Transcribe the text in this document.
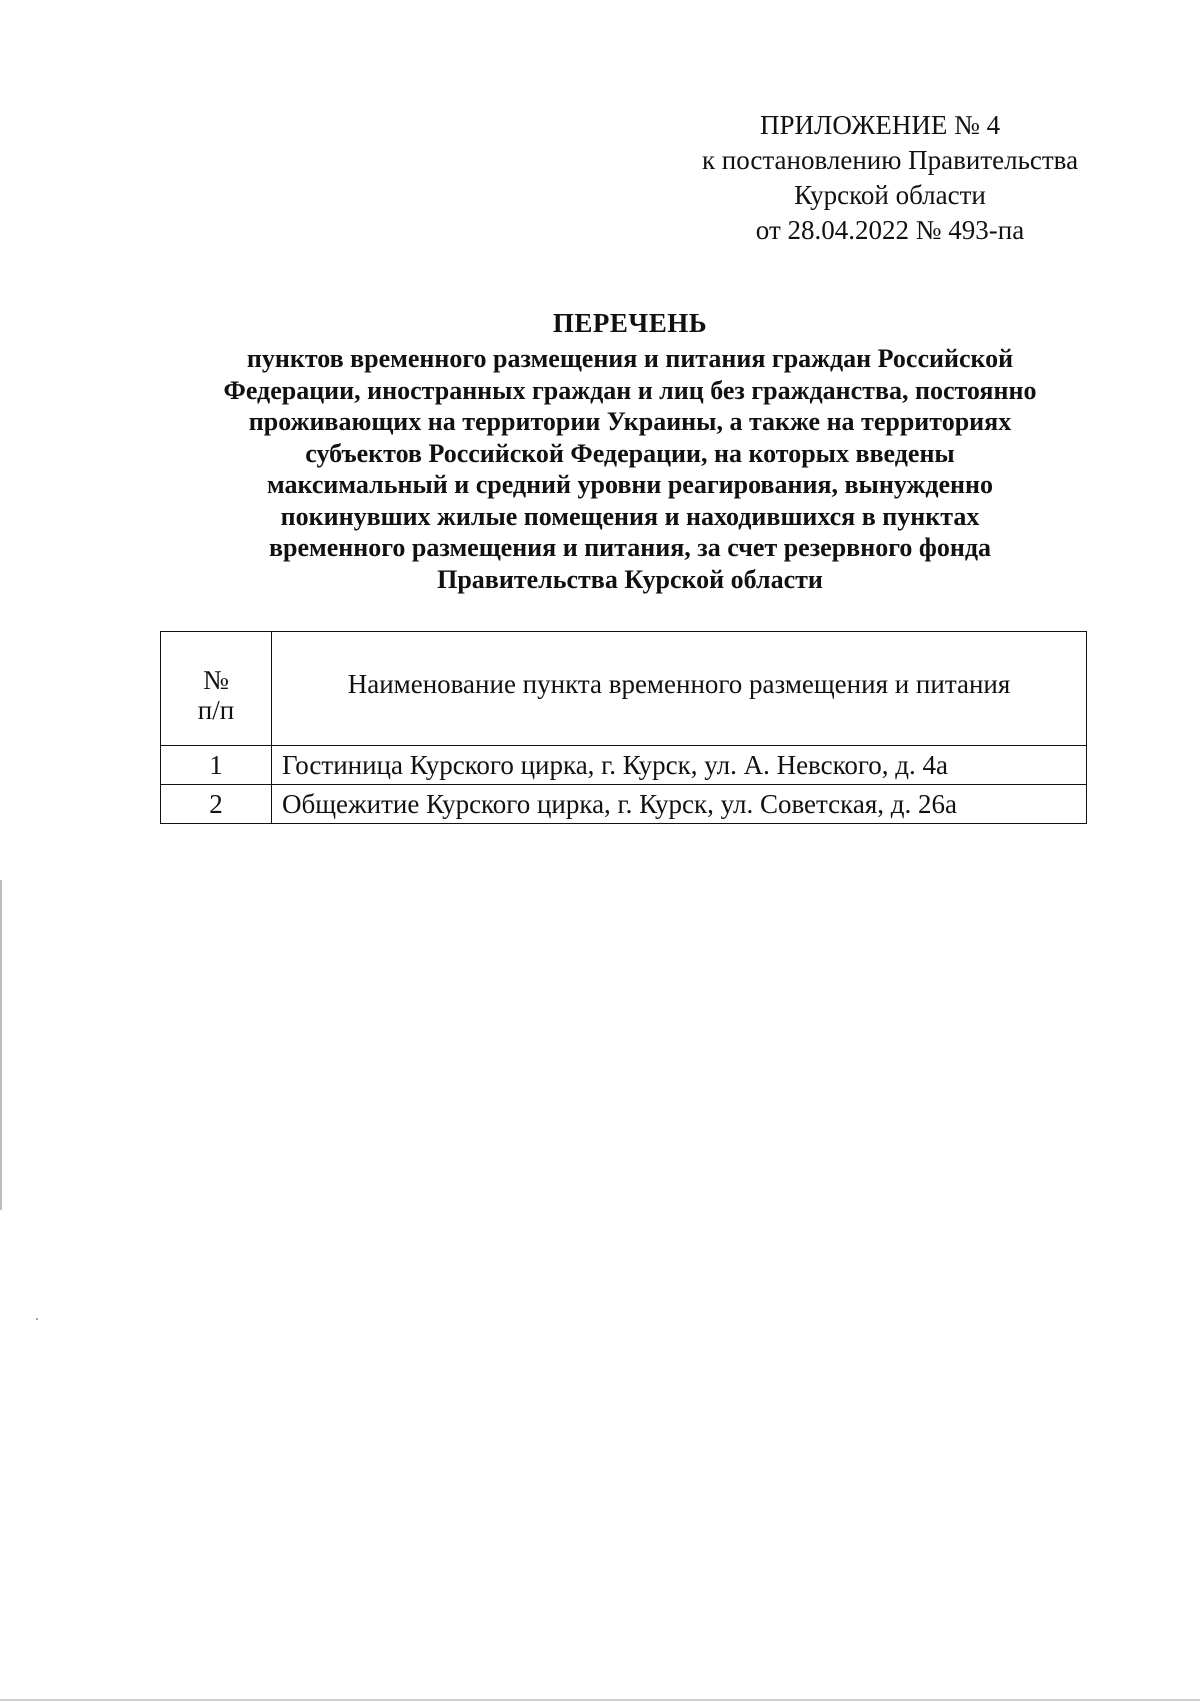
ПРИЛОЖЕНИЕ № 4
к постановлению Правительства
Курской области
от 28.04.2022 № 493-па
ПЕРЕЧЕНЬ
пунктов временного размещения и питания граждан Российской
Федерации, иностранных граждан и лиц без гражданства, постоянно
проживающих на территории Украины, а также на территориях
субъектов Российской Федерации, на которых введены
максимальный и средний уровни реагирования, вынужденно
покинувших жилые помещения и находившихся в пунктах
временного размещения и питания, за счет резервного фонда
Правительства Курской области
№
п/п	Наименование пункта временного размещения и питания
1	Гостиница Курского цирка, г. Курск, ул. А. Невского, д. 4а
2	Общежитие Курского цирка, г. Курск, ул. Советская, д. 26а
